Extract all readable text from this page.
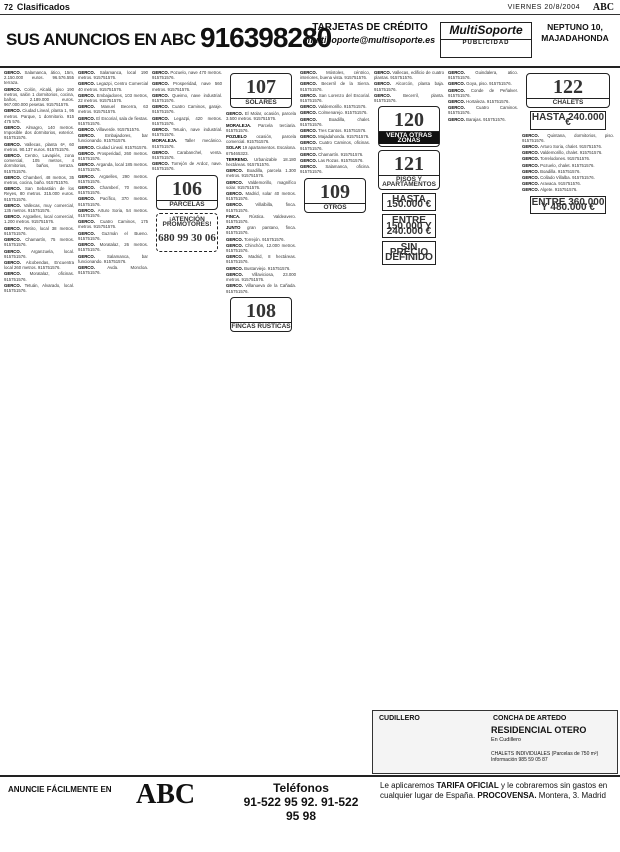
72 Clasificados	VIERNES 20/8/2004 ABC
SUS ANUNCIOS EN ABC 916398280
TARJETAS DE CRÉDITO
multisoporte@multisoporte.es
MultiSoporte
PUBLICIDAD
NEPTUNO 10, MAJADAHONDA

GERCO. Salamanca, ático, 15m, 2.150.000 euros. 96.576.555 terraza.

GERCO. Colón, Alcalá, piso 190 metros, salón 1 dormitorios, cocina, baños, 2.189.000 euros. 967.000.000 pesetas. 915751576.

GERCO. Ciudad Lineal, planta 1, 95 metros. Parque, 1 dormitorio. 915 475 576.

GERCO. Almagro, 140 metros. Imposible dos dormitorios, exterior. 915751576.

GERCO. Vallecas, planta 6ª, 60 metros. 90.137 euros. 915751576.

GERCO. Centro, Lavapiés, zona comercial, 105 metros, 4 dormitorios, baños, terraza. 915751576.

GERCO. Chamberí, 48 metros, 35 metros, cocina, baño. 915751576.

GERCO. San Sebastián de los Reyes, 80 metros. 315.000 euros. 915751576.

GERCO. Vallecas, muy comercial, 135 metros. 915751576.

GERCO. Argüelles, local comercial, 1.200 metros. 915751576.

GERCO. Retiro, local 38 metros. 915751576.

GERCO. Chamartín, 75 metros. 915751576.

GERCO. Arganzuela, local. 915751576.

GERCO. Alcobendas, Encuentra local 260 metros. 915751576.

GERCO. Moratalaz, oficinas. 915751576.

GERCO. Tetuán, Alvarado, local. 915751576.

GERCO. Salamanca, local 190 metros. 915751576.

GERCO. Legazpi, Centro Comercial 40 metros. 915751576.

GERCO. Embajadores, 103 metros, 22 metros. 915751576.

GERCO. Manuel Becerra, 63 metros. 915751576.

GERCO. El Escorial, sala de fiestas. 915751576.

GERCO. Villaverde. 915751576.

GERCO. Embajadores, bar funcionando. 915751576.

GERCO. Ciudad Lineal. 915751576.

GERCO. Prosperidad, 260 metros. 915751576.

GERCO. Arganda, local 185 metros. 915751576.

GERCO. Argüelles, 290 metros. 915751576.

GERCO. Chamberí, 70 metros. 915751576.

GERCO. Pacífico, 370 metros. 915751576.

GERCO. Arturo Soria, 54 metros. 915751576.

GERCO. Cuatro Caminos, 175 metros. 915751576.

GERCO. Guzmán el Bueno. 915751576.

GERCO. Moratalaz, 26 metros. 915751576.

GERCO. Salamanca, bar funcionando. 915751576.

GERCO. Avda. Moncloa. 915751576.

GERCO. Pozuelo, nave 470 metros. 915751576.

GERCO. Prosperidad, nave 560 metros. 915751576.

GERCO. Queimo, nave industrial. 915751576.

GERCO. Cuatro Caminos, garaje. 915751576.

GERCO. Legazpi, 420 metros. 915751576.

GERCO. Tetuán, nave industrial. 915751576.

MORALEJA. Taller mecánico. 915751576.

GERCO. Carabanchel, venta. 915751576.

GERCO. Torrejón de Ardoz, nave. 915751576.

106
PARCELAS
¡ATENCIÓN PROMOTORES!
680 99 30 06
107
SOLARES

GERCO. El Molar, ocasión, parcela 3.500 metros. 915751576.

MORALEJA. Parcela terciaria. 915751576.

POZUELO ocasión, parcela comercial. 915751576.

SOLAR 19 apartamentos. Escalona. 675465323.

TERRENO. Urbanizable 18.180 hectáreas. 915751576.

GERCO. Boadilla, parcela 1.300 metros. 915751576.

GERCO. Valdemorillo, magnífico solar. 915751576.

GERCO. Madrid, solar 40 metros. 915751576.

GERCO. Villalbilla, finca. 915751576.

FINCA. Rústica. Valdeavero. 915751576.

JUNTO gran pantano, finca. 915751576.

GERCO. Torrejón. 915751576.

GERCO. Chinchón, 12.000 metros. 915751576.

GERCO. Madrid, 8 hectáreas. 915751576.

GERCO. Bustarviejo. 915751576.

GERCO. Villaviciosa, 23.000 metros. 915751576.

GERCO. Villanueva de la Cañada. 915751576.

108
FINCAS RÚSTICAS

GERCO. Móstoles, céntrico, interiores, buena vista. 915751576.

GERCO. Becerril de la Sierra. 915751576.

GERCO. San Lorenzo del Escorial. 915751576.

GERCO. Valdemorillo. 915751576.

GERCO. Colmenarejo. 915751576.

GERCO. Boadilla, chalet. 915751576.

GERCO. Tres Cantos. 915751576.

GERCO. Majadahonda. 915751576.

GERCO. Cuatro Caminos, oficinas. 915751576.

GERCO. Chamartín. 915751576.

GERCO. Las Rozas. 915751576.

GERCO. Salamanca, oficina. 915751576.

109
OTROS

GERCO. Vallecas, edificio de cuatro plantas. 915751576.

GERCO. Alcorcón, planta baja. 915751576.

GERCO. Becerril, planta. 915751576.

120
VENTA OTRAS ZONAS
121
PISOS Y APARTAMENTOS
HASTA 150.000 €
ENTRE 150.000 Y 240.000 €
SIN PRECIO DEFINIDO

GERCO. Guindalera, atico. 915751576.

GERCO. Goya, piso. 915751576.

GERCO. Conde de Peñalver. 915751576.

GERCO. Hortaleza. 915751576.

GERCO. Cuatro Caminos. 915751576.

GERCO. Barajas. 915751576.

122
CHALETS
HASTA 240.000 €

GERCO. Quintana, dormitorios, piso. 915751576.

GERCO. Arturo Soria, chalet. 915751576.

GERCO. Valdemorillo, chalet. 915751576.

GERCO. Torrelodones. 915751576.

GERCO. Pozuelo, chalet. 915751576.

GERCO. Boadilla. 915751576.

GERCO. Collado Villalba. 915751576.

GERCO. Aravaca. 915751576.

GERCO. Algete. 915751576.

ENTRE 360.000 Y 480.000 €
CUDILLERO	CONCHA DE ARTEDO
RESIDENCIAL OTERO
En Cudillero
CHALETS INDIVIDUALES (Parcelas de 750 m²)
Información 985 59 05 87
ANUNCIE FÁCILMENTE EN ABC	Teléfonos
91-522 95 92. 91-522 95 98
Le aplicaremos TARIFA OFICIAL y le cobraremos sin gastos en cualquier lugar de España. PROCOVENSA. Montera, 3. Madrid
